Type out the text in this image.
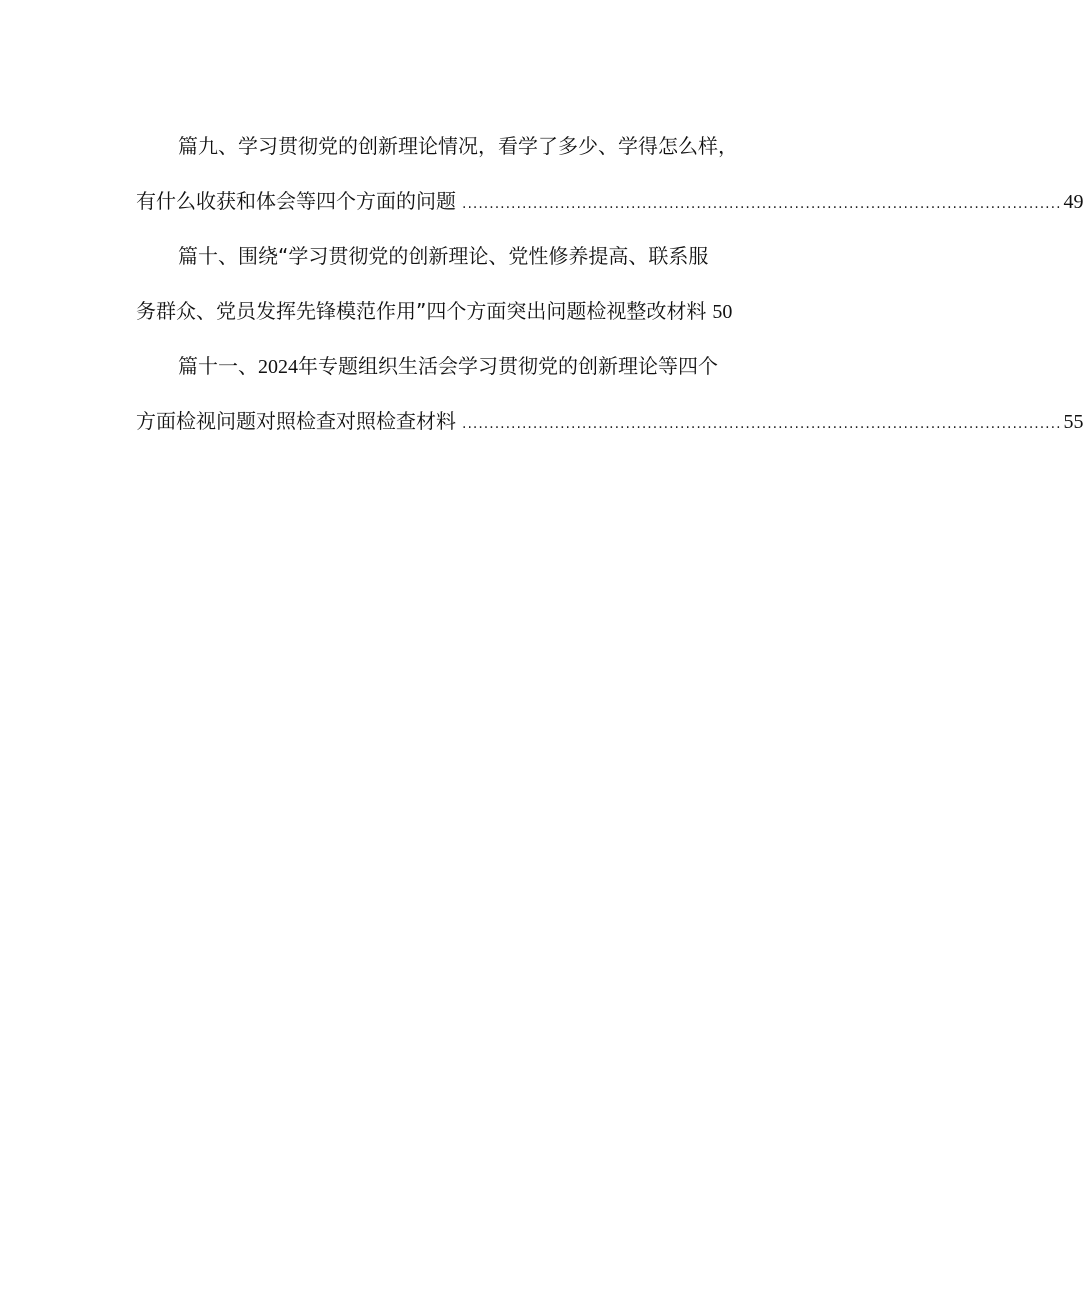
篇九、学习贯彻党的创新理论情况，看学了多少、学得怎么样，
有什么收获和体会等四个方面的问题 .............................................................................................................. 49
篇十、围绕“学习贯彻党的创新理论、党性修养提高、联系服
务群众、党员发挥先锋模范作用”四个方面突出问题检视整改材料 50
篇十一、2024年专题组织生活会学习贯彻党的创新理论等四个
方面检视问题对照检查对照检查材料 .............................................................................................................. 55
